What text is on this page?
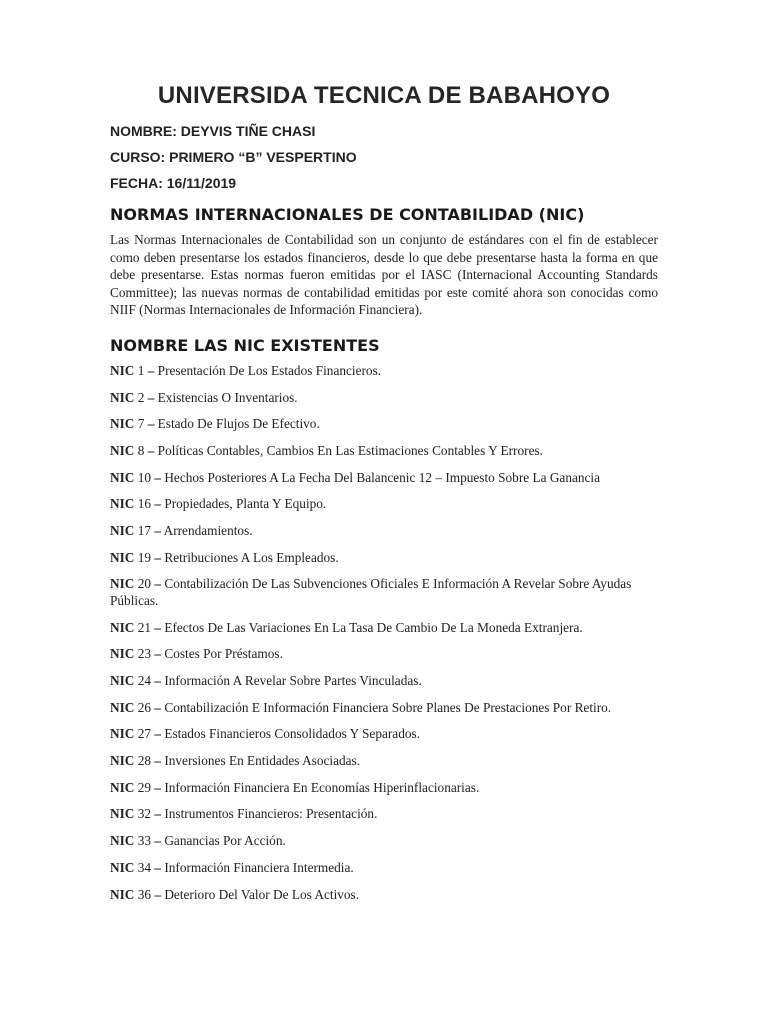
UNIVERSIDA TECNICA DE BABAHOYO

NOMBRE: DEYVIS TIÑE CHASI

CURSO: PRIMERO “B” VESPERTINO

FECHA: 16/11/2019

NORMAS INTERNACIONALES DE CONTABILIDAD (NIC)

Las Normas Internacionales de Contabilidad son un conjunto de estándares con el fin de establecer como deben presentarse los estados financieros, desde lo que debe presentarse hasta la forma en que debe presentarse. Estas normas fueron emitidas por el IASC (Internacional Accounting Standards Committee); las nuevas normas de contabilidad emitidas por este comité ahora son conocidas como NIIF (Normas Internacionales de Información Financiera).

NOMBRE LAS NIC EXISTENTES
NIC 1 – Presentación De Los Estados Financieros.
NIC 2 – Existencias O Inventarios.
NIC 7 – Estado De Flujos De Efectivo.
NIC 8 – Políticas Contables, Cambios En Las Estimaciones Contables Y Errores.
NIC 10 – Hechos Posteriores A La Fecha Del Balancenic 12 – Impuesto Sobre La Ganancia
NIC 16 – Propiedades, Planta Y Equipo.
NIC 17 – Arrendamientos.
NIC 19 – Retribuciones A Los Empleados.
NIC 20 – Contabilización De Las Subvenciones Oficiales E Información A Revelar Sobre Ayudas Públicas.
NIC 21 – Efectos De Las Variaciones En La Tasa De Cambio De La Moneda Extranjera.
NIC 23 – Costes Por Préstamos.
NIC 24 – Información A Revelar Sobre Partes Vinculadas.
NIC 26 – Contabilización E Información Financiera Sobre Planes De Prestaciones Por Retiro.
NIC 27 – Estados Financieros Consolidados Y Separados.
NIC 28 – Inversiones En Entidades Asociadas.
NIC 29 – Información Financiera En Economías Hiperinflacionarias.
NIC 32 – Instrumentos Financieros: Presentación.
NIC 33 – Ganancias Por Acción.
NIC 34 – Información Financiera Intermedia.
NIC 36 – Deterioro Del Valor De Los Activos.
